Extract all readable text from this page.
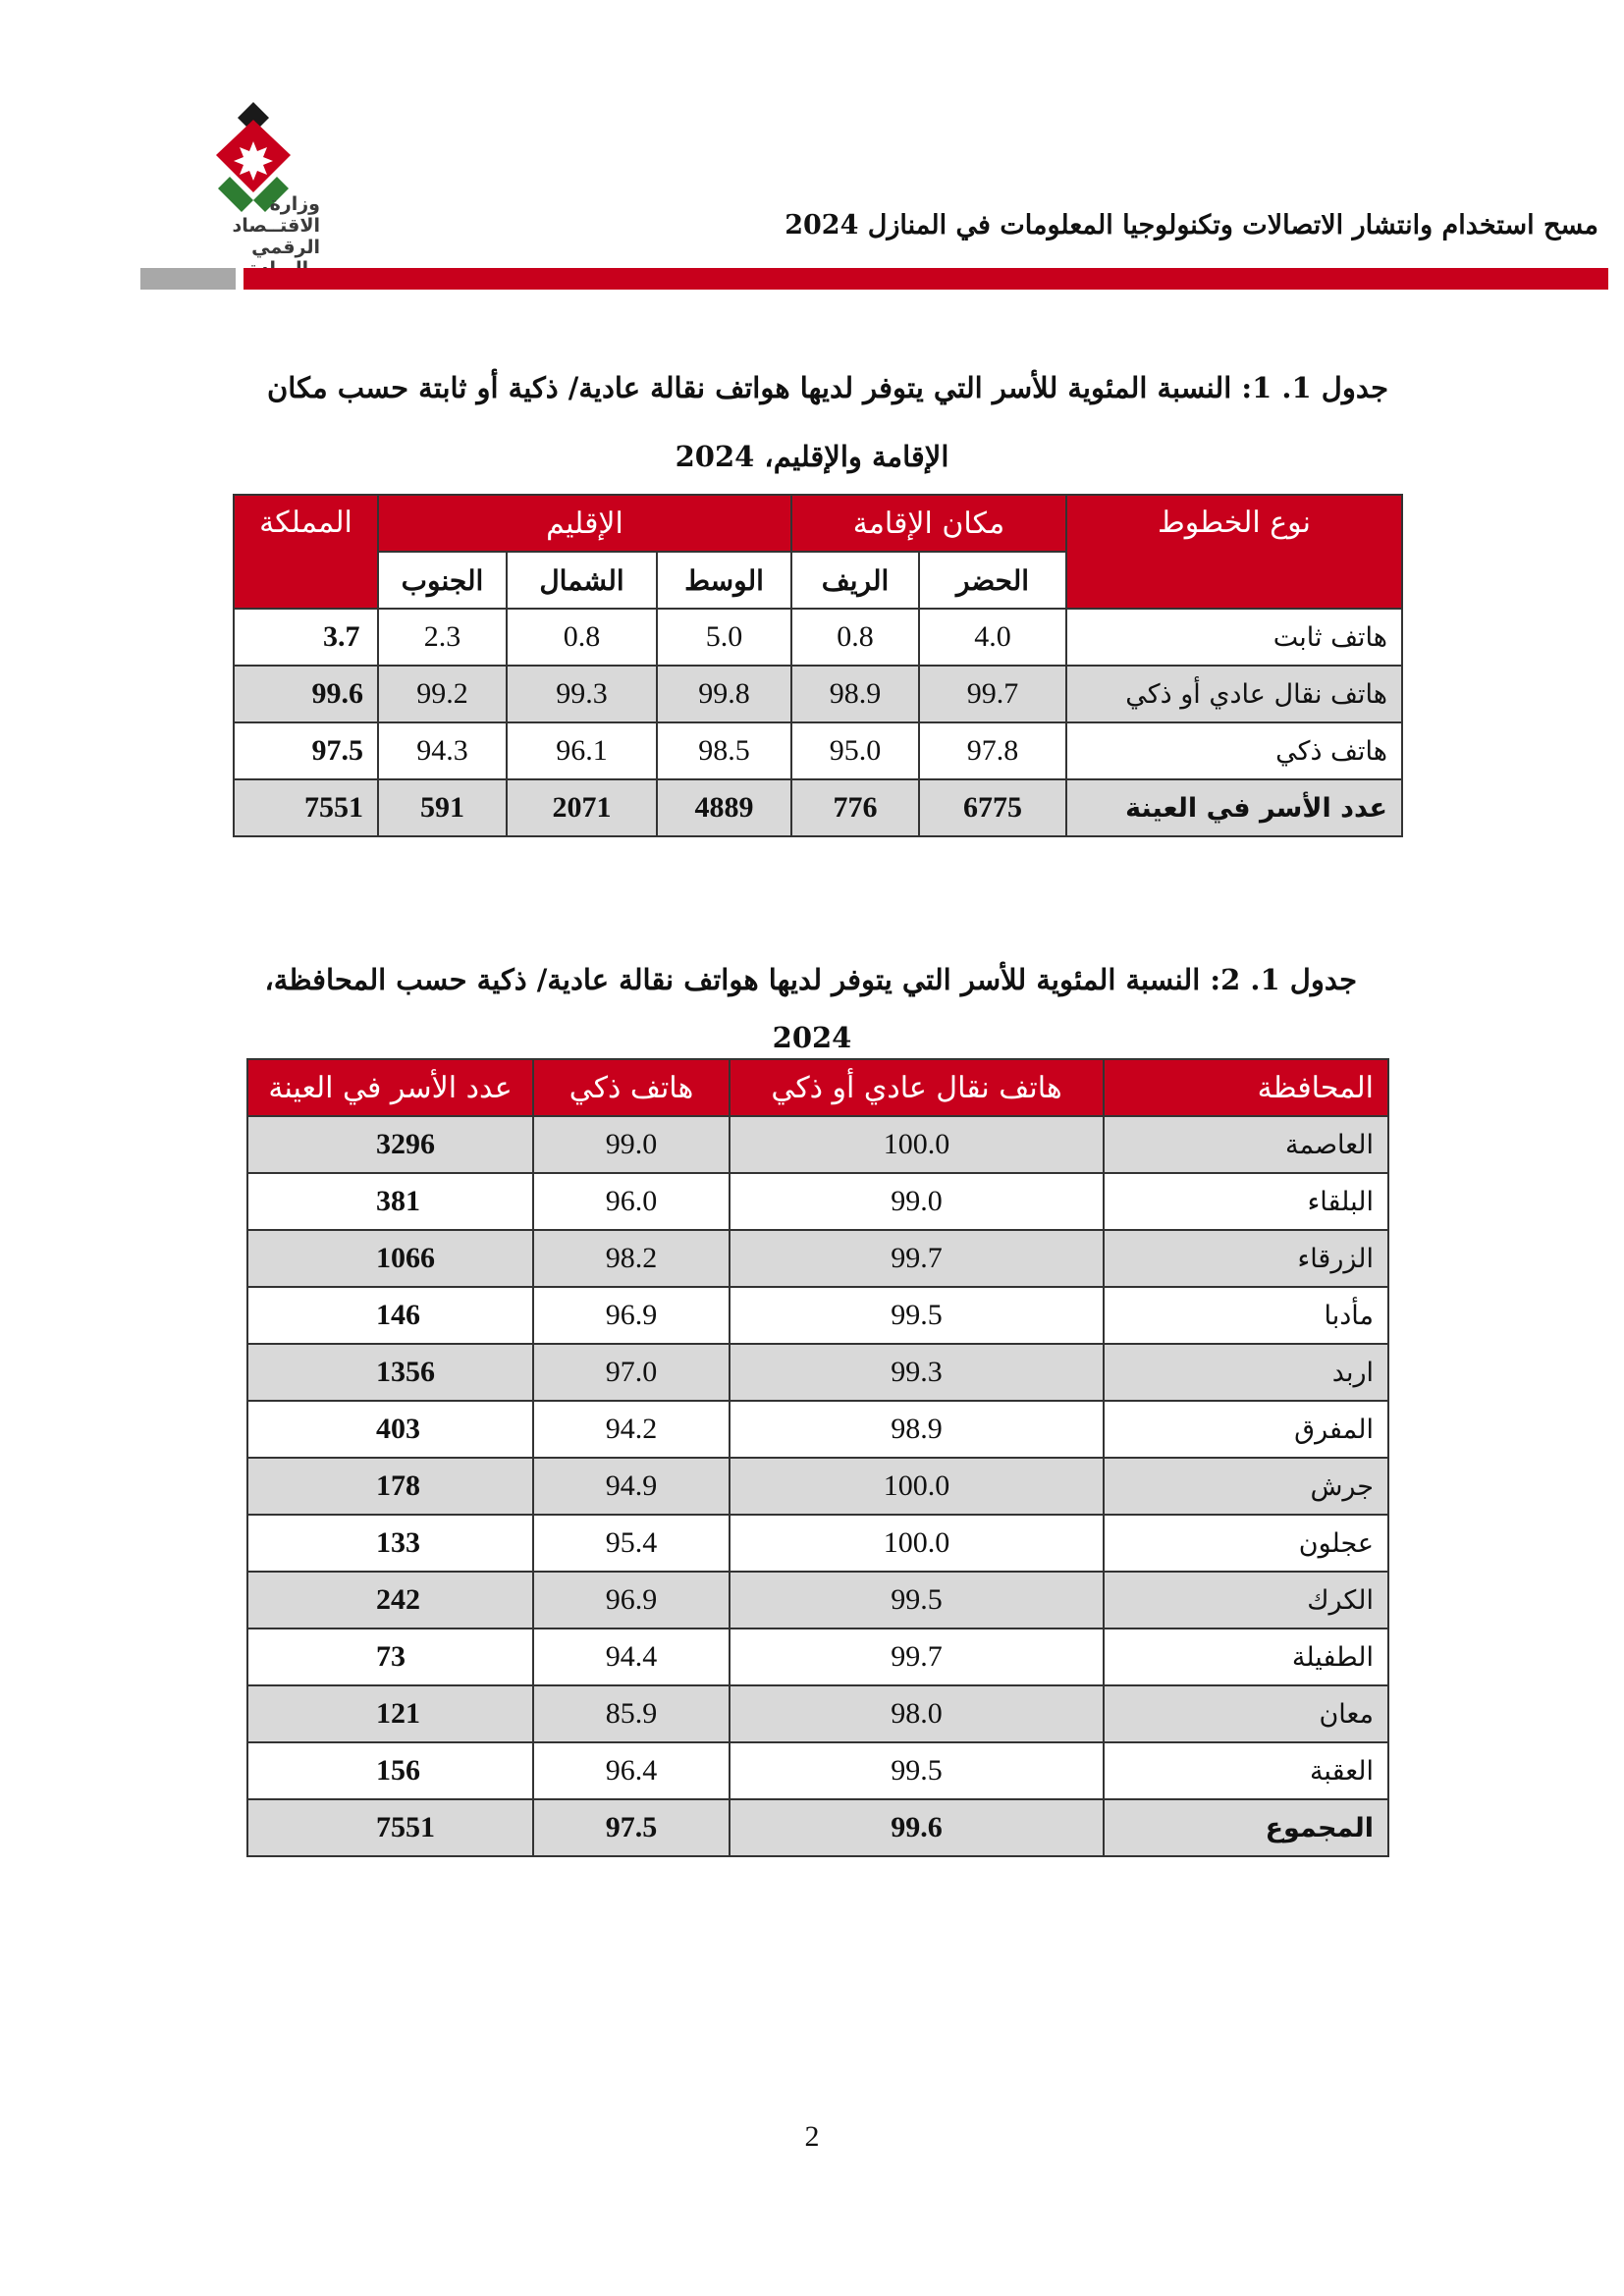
وزارة الاقتــصاد
الرقمي
مسح استخدام وانتشار الاتصالات وتكنولوجيا المعلومات في المنازل 2024
جدول 1. 1: النسبة المئوية للأسر التي يتوفر لديها هواتف نقالة عادية/ ذكية أو ثابتة حسب مكان
الإقامة والإقليم، 2024
نوع الخطوط	مكان الإقامة		الإقليم			المملكة
	الحضر	الريف	الوسط	الشمال	الجنوب	
هاتف ثابت	4.0	0.8	5.0	0.8	2.3	3.7
هاتف نقال عادي أو ذكي	99.7	98.9	99.8	99.3	99.2	99.6
هاتف ذكي	97.8	95.0	98.5	96.1	94.3	97.5
عدد الأسر في العينة	6775	776	4889	2071	591	7551
جدول 1. 2: النسبة المئوية للأسر التي يتوفر لديها هواتف نقالة عادية/ ذكية حسب المحافظة،
2024
المحافظة	هاتف نقال عادي أو ذكي	هاتف ذكي	عدد الأسر في العينة
العاصمة	100.0	99.0	3296
البلقاء	99.0	96.0	381
الزرقاء	99.7	98.2	1066
مأدبا	99.5	96.9	146
اربد	99.3	97.0	1356
المفرق	98.9	94.2	403
جرش	100.0	94.9	178
عجلون	100.0	95.4	133
الكرك	99.5	96.9	242
الطفيلة	99.7	94.4	73
معان	98.0	85.9	121
العقبة	99.5	96.4	156
المجموع	99.6	97.5	7551
2
